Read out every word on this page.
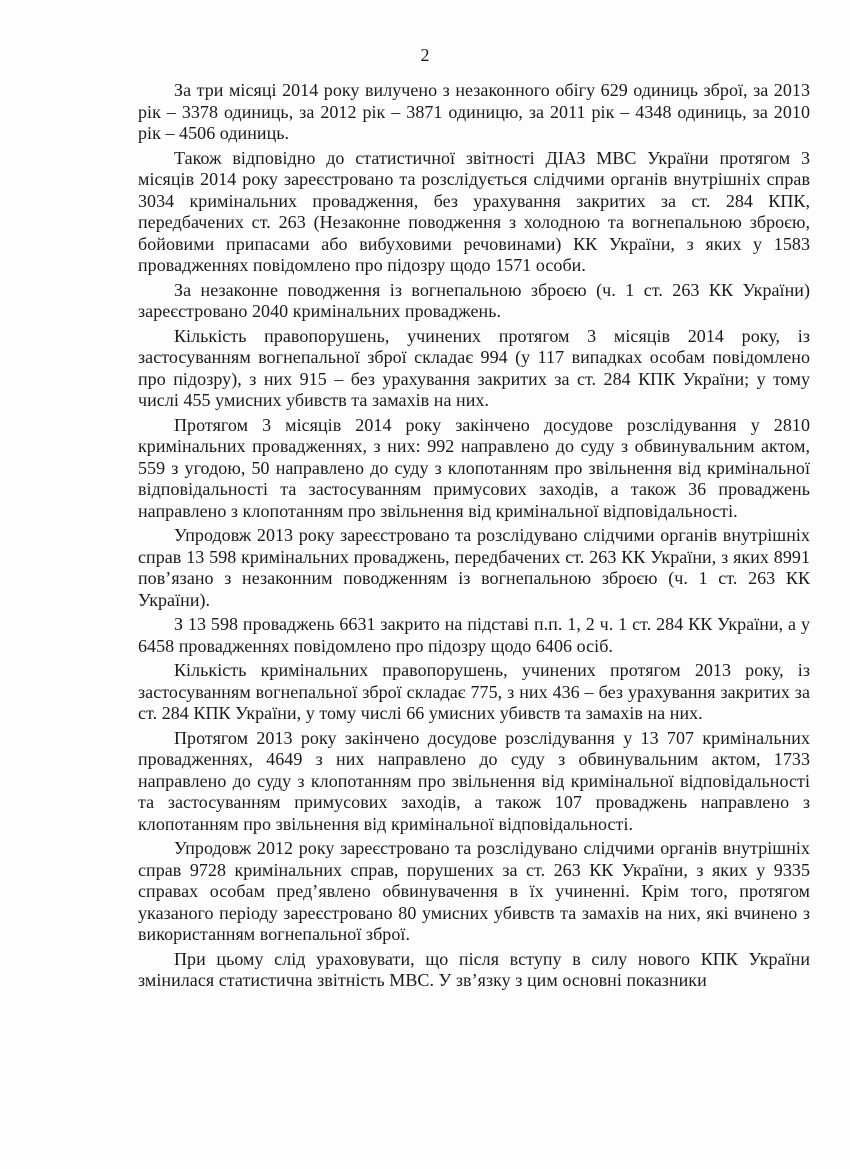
2

За три місяці 2014 року вилучено з незаконного обігу 629 одиниць зброї, за 2013 рік – 3378 одиниць, за 2012 рік – 3871 одиницю, за 2011 рік – 4348 одиниць, за 2010 рік – 4506 одиниць.

Також відповідно до статистичної звітності ДІАЗ МВС України протягом 3 місяців 2014 року зареєстровано та розслідується слідчими органів внутрішніх справ 3034 кримінальних провадження, без урахування закритих за ст. 284 КПК, передбачених ст. 263 (Незаконне поводження з холодною та вогнепальною зброєю, бойовими припасами або вибуховими речовинами) КК України, з яких у 1583 провадженнях повідомлено про підозру щодо 1571 особи.

За незаконне поводження із вогнепальною зброєю (ч. 1 ст. 263 КК України) зареєстровано 2040 кримінальних проваджень.

Кількість правопорушень, учинених протягом 3 місяців 2014 року, із застосуванням вогнепальної зброї складає 994 (у 117 випадках особам повідомлено про підозру), з них 915 – без урахування закритих за ст. 284 КПК України; у тому числі 455 умисних убивств та замахів на них.

Протягом 3 місяців 2014 року закінчено досудове розслідування у 2810 кримінальних провадженнях, з них: 992 направлено до суду з обвинувальним актом, 559 з угодою, 50 направлено до суду з клопотанням про звільнення від кримінальної відповідальності та застосуванням примусових заходів, а також 36 проваджень направлено з клопотанням про звільнення від кримінальної відповідальності.

Упродовж 2013 року зареєстровано та розслідувано слідчими органів внутрішніх справ 13 598 кримінальних проваджень, передбачених ст. 263 КК України, з яких 8991 пов’язано з незаконним поводженням із вогнепальною зброєю (ч. 1 ст. 263 КК України).

З 13 598 проваджень 6631 закрито на підставі п.п. 1, 2 ч. 1 ст. 284 КК України, а у 6458 провадженнях повідомлено про підозру щодо 6406 осіб.

Кількість кримінальних правопорушень, учинених протягом 2013 року, із застосуванням вогнепальної зброї складає 775, з них 436 – без урахування закритих за ст. 284 КПК України, у тому числі 66 умисних убивств та замахів на них.

Протягом 2013 року закінчено досудове розслідування у 13 707 кримінальних провадженнях, 4649 з них направлено до суду з обвинувальним актом, 1733 направлено до суду з клопотанням про звільнення від кримінальної відповідальності та застосуванням примусових заходів, а також 107 проваджень направлено з клопотанням про звільнення від кримінальної відповідальності.

Упродовж 2012 року зареєстровано та розслідувано слідчими органів внутрішніх справ 9728 кримінальних справ, порушених за ст. 263 КК України, з яких у 9335 справах особам пред’явлено обвинувачення в їх учиненні. Крім того, протягом указаного періоду зареєстровано 80 умисних убивств та замахів на них, які вчинено з використанням вогнепальної зброї.

При цьому слід ураховувати, що після вступу в силу нового КПК України змінилася статистична звітність МВС. У зв’язку з цим основні показники
